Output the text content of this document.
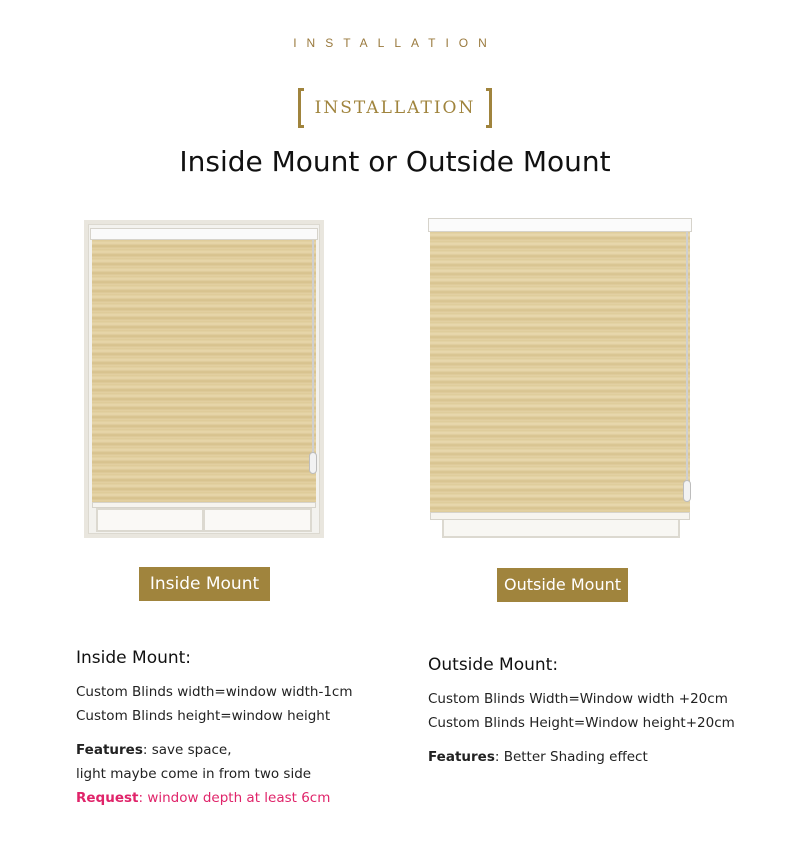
INSTALLATION
INSTALLATION
Inside Mount or Outside Mount
Inside Mount	Outside Mount
Inside Mount:
Custom Blinds width=window width-1cm
Custom Blinds height=window height
Features: save space,
light maybe come in from two side
Request: window depth at least 6cm
Outside Mount:
Custom Blinds Width=Window width +20cm
Custom Blinds Height=Window height+20cm
Features: Better Shading effect
